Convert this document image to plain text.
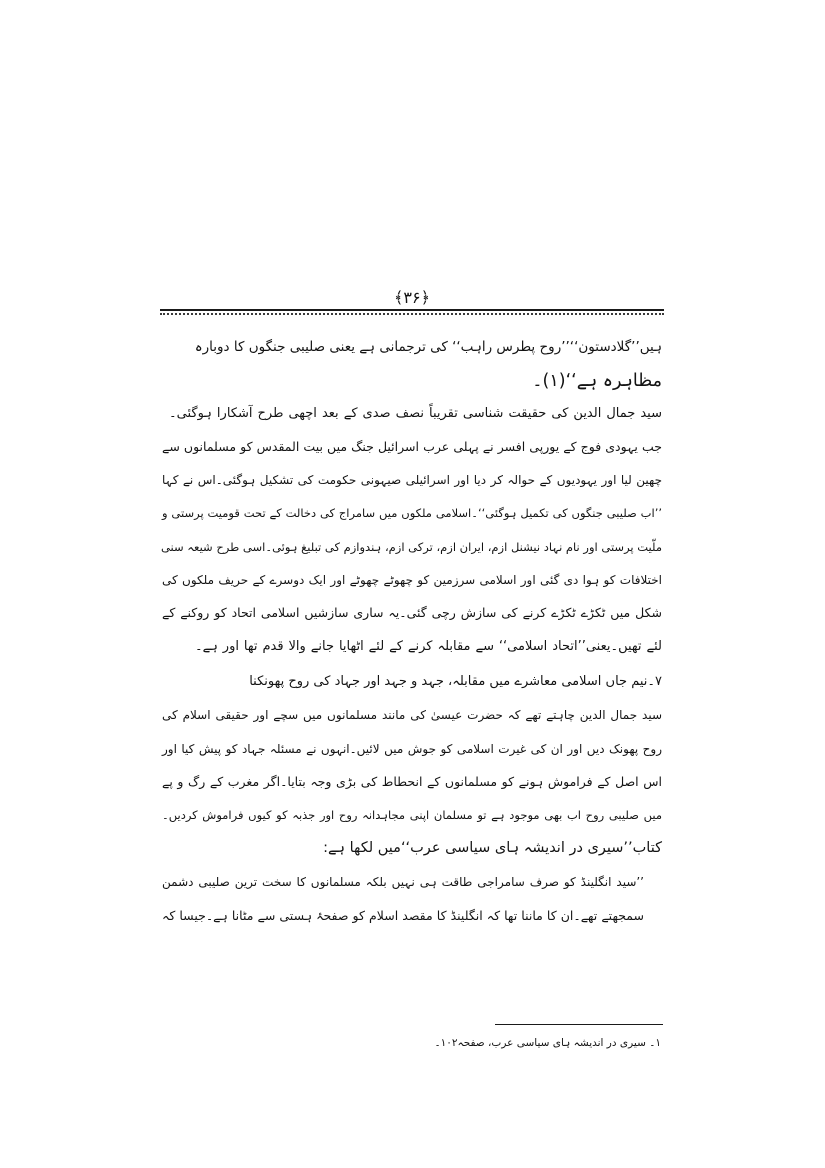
﴿۳۶﴾
ہیں’’گلادستون‘‘’’روح پطرس راہب‘‘ کی ترجمانی ہے یعنی صلیبی جنگوں کا دوبارہ
مظاہرہ ہے‘‘(۱)۔
سید جمال الدین کی حقیقت شناسی تقریباً نصف صدی کے بعد اچھی طرح آشکارا ہوگئی۔
جب یہودی فوج کے یورپی افسر نے پہلی عرب اسرائیل جنگ میں بیت المقدس کو مسلمانوں سے
چھین لیا اور یہودیوں کے حوالہ کر دیا اور اسرائیلی صیہونی حکومت کی تشکیل ہوگئی۔اس نے کہا
’’اب صلیبی جنگوں کی تکمیل ہوگئی‘‘۔اسلامی ملکوں میں سامراج کی دخالت کے تحت قومیت پرستی و
ملّیت پرستی اور نام نہاد نیشنل ازم، ایران ازم، ترکی ازم، ہندوازم کی تبلیغ ہوئی۔اسی طرح شیعہ سنی
اختلافات کو ہوا دی گئی اور اسلامی سرزمین کو چھوٹے چھوٹے اور ایک دوسرے کے حریف ملکوں کی
شکل میں ٹکڑے ٹکڑے کرنے کی سازش رچی گئی۔یہ ساری سازشیں اسلامی اتحاد کو روکنے کے
لئے تھیں۔یعنی’’اتحاد اسلامی‘‘ سے مقابلہ کرنے کے لئے اٹھایا جانے والا قدم تھا اور ہے۔
۷۔نیم جاں اسلامی معاشرے میں مقابلہ، جہد و جہد اور جہاد کی روح پھونکنا
سید جمال الدین چاہتے تھے کہ حضرت عیسیٰ کی مانند مسلمانوں میں سچے اور حقیقی اسلام کی
روح پھونک دیں اور ان کی غیرت اسلامی کو جوش میں لائیں۔انہوں نے مسئلہ جہاد کو پیش کیا اور
اس اصل کے فراموش ہونے کو مسلمانوں کے انحطاط کی بڑی وجہ بتایا۔اگر مغرب کے رگ و پے
میں صلیبی روح اب بھی موجود ہے تو مسلمان اپنی مجاہدانہ روح اور جذبہ کو کیوں فراموش کردیں۔
کتاب’’سیری در اندیشہ ہای سیاسی عرب‘‘میں لکھا ہے:
’’سید انگلینڈ کو صرف سامراجی طاقت ہی نہیں بلکہ مسلمانوں کا سخت ترین صلیبی دشمن
سمجھتے تھے۔ان کا ماننا تھا کہ انگلینڈ کا مقصد اسلام کو صفحۂ ہستی سے مٹانا ہے۔جیسا کہ
۱۔ سیری در اندیشہ ہای سیاسی عرب، صفحہ۱۰۲۔
